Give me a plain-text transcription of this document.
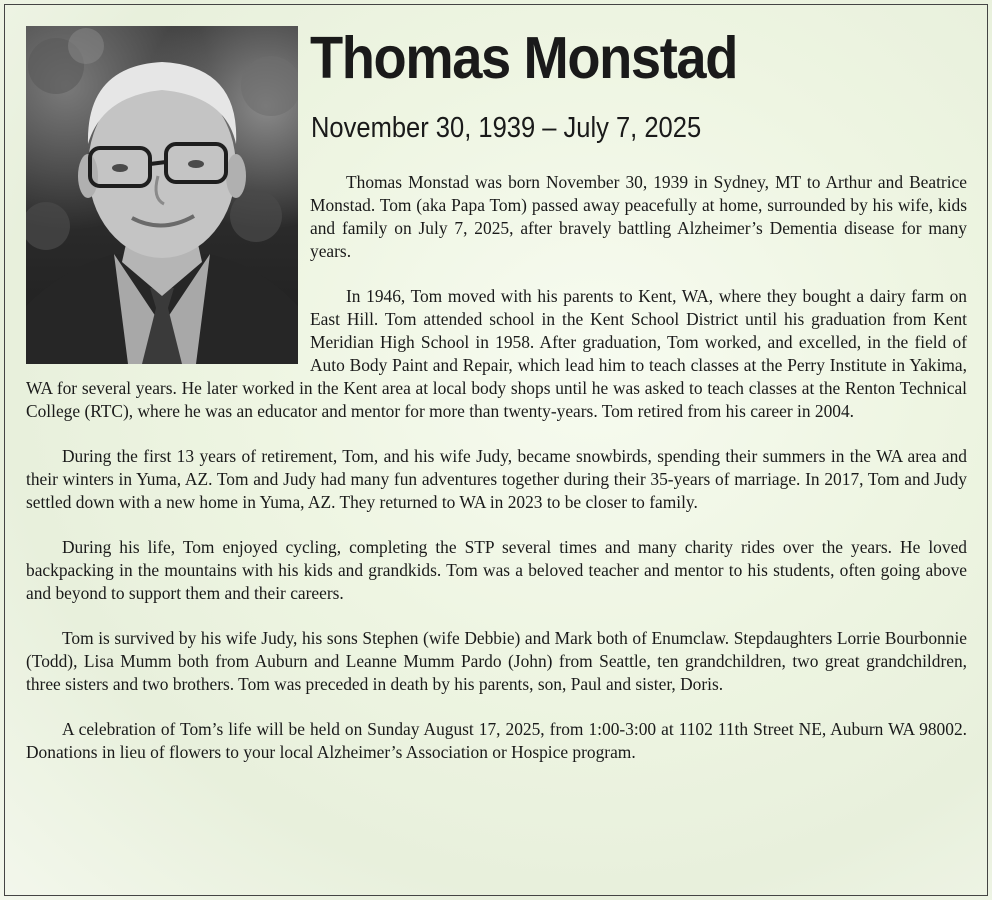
Thomas Monstad
November 30, 1939 – July 7, 2025

Thomas Monstad was born November 30, 1939 in Sydney, MT to Arthur and Beatrice Monstad. Tom (aka Papa Tom) passed away peacefully at home, surrounded by his wife, kids and family on July 7, 2025, after bravely battling Alzheimer’s Dementia disease for many years.

In 1946, Tom moved with his parents to Kent, WA, where they bought a dairy farm on East Hill. Tom attended school in the Kent School District until his graduation from Kent Meridian High School in 1958. After graduation, Tom worked, and excelled, in the field of Auto Body Paint and Repair, which lead him to teach classes at the Perry Institute in Yakima, WA for several years. He later worked in the Kent area at local body shops until he was asked to teach classes at the Renton Technical College (RTC), where he was an educator and mentor for more than twenty-years. Tom retired from his career in 2004.

During the first 13 years of retirement, Tom, and his wife Judy, became snowbirds, spending their summers in the WA area and their winters in Yuma, AZ. Tom and Judy had many fun adventures together during their 35-years of marriage. In 2017, Tom and Judy settled down with a new home in Yuma, AZ. They returned to WA in 2023 to be closer to family.

During his life, Tom enjoyed cycling, completing the STP several times and many charity rides over the years. He loved backpacking in the mountains with his kids and grandkids. Tom was a beloved teacher and mentor to his students, often going above and beyond to support them and their careers.

Tom is survived by his wife Judy, his sons Stephen (wife Debbie) and Mark both of Enumclaw. Stepdaughters Lorrie Bourbonnie (Todd), Lisa Mumm both from Auburn and Leanne Mumm Pardo (John) from Seattle, ten grandchildren, two great grandchildren, three sisters and two brothers. Tom was preceded in death by his parents, son, Paul and sister, Doris.

A celebration of Tom’s life will be held on Sunday August 17, 2025, from 1:00-3:00 at 1102 11th Street NE, Auburn WA 98002. Donations in lieu of flowers to your local Alzheimer’s Association or Hospice program.
